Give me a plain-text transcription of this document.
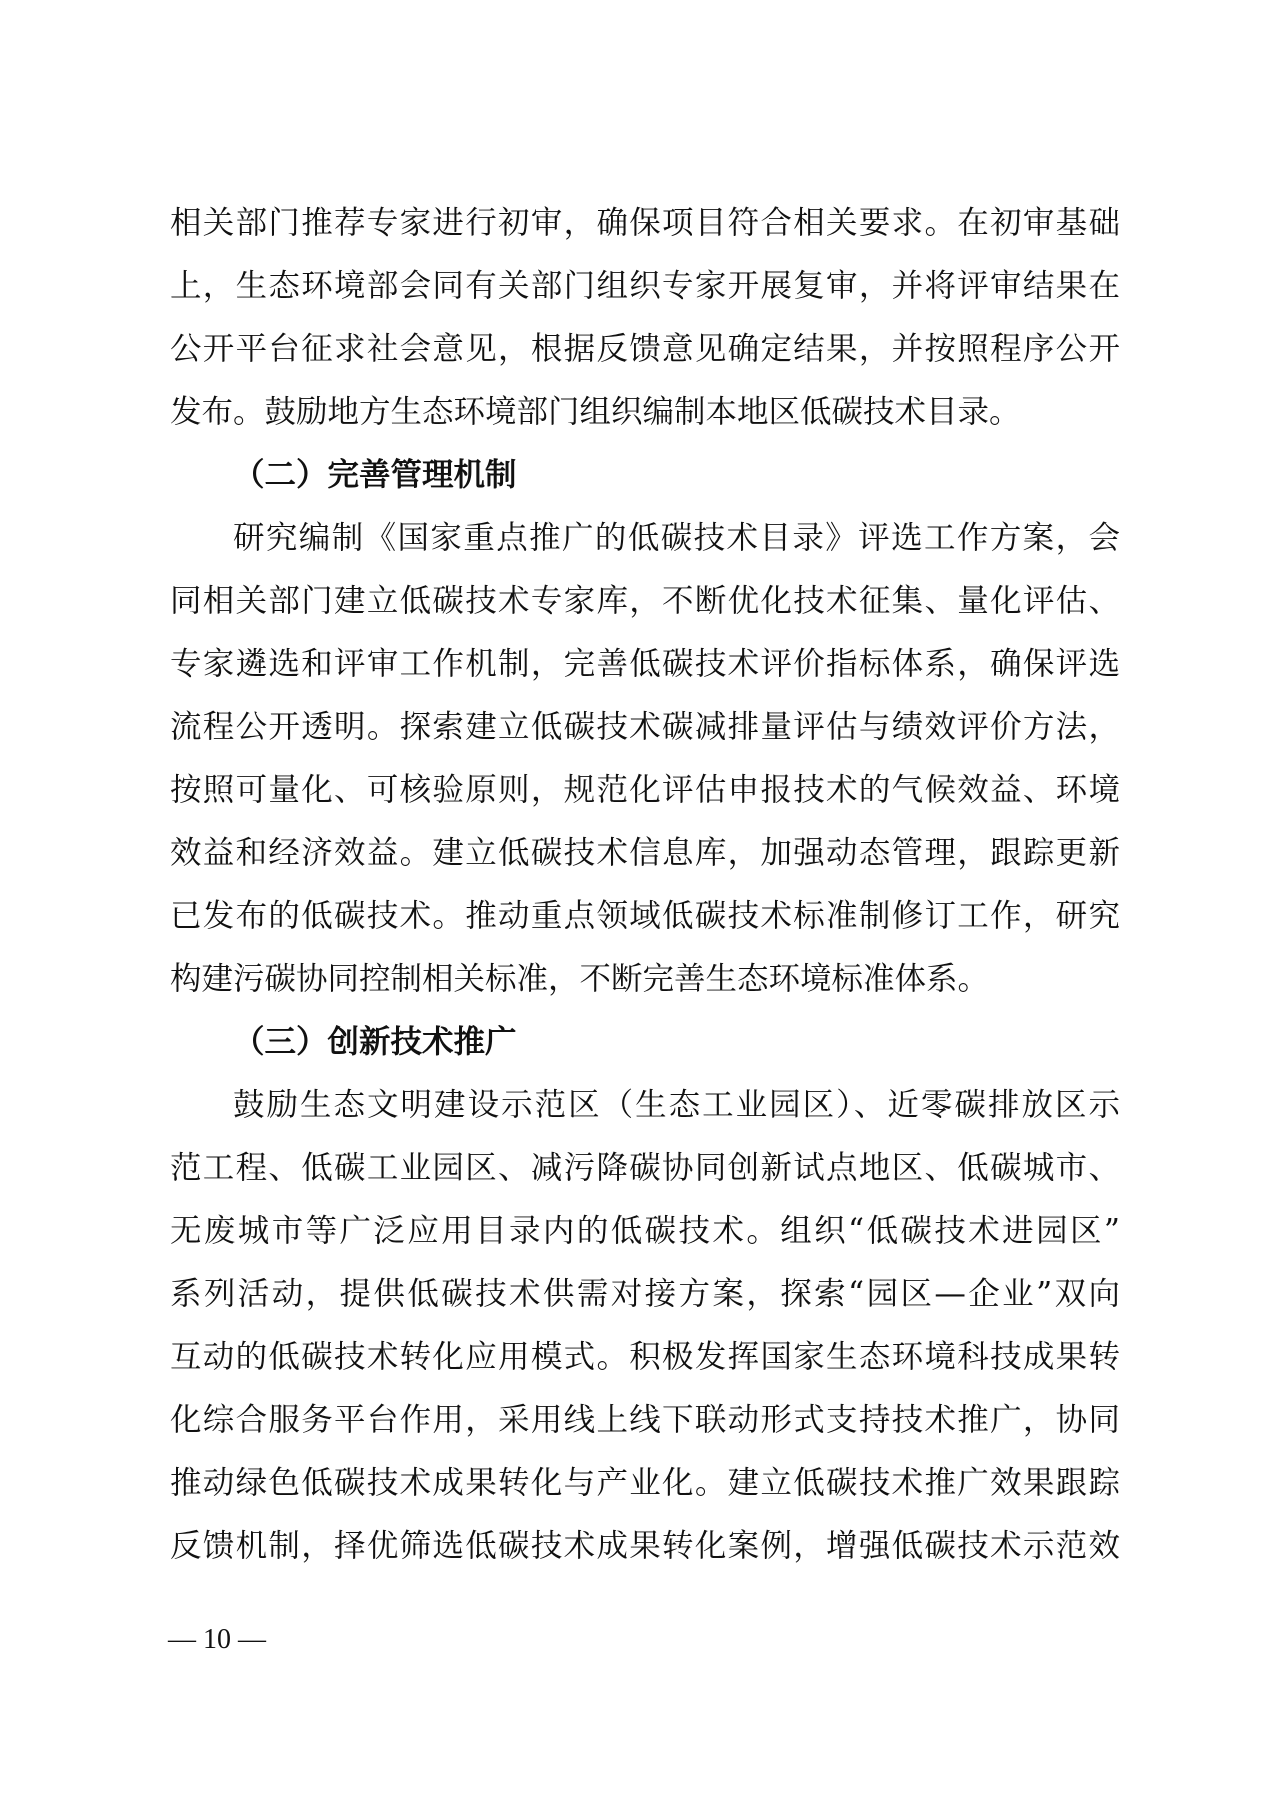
相关部门推荐专家进行初审，确保项目符合相关要求。在初审基础
上，生态环境部会同有关部门组织专家开展复审，并将评审结果在
公开平台征求社会意见，根据反馈意见确定结果，并按照程序公开
发布。鼓励地方生态环境部门组织编制本地区低碳技术目录。
（二）完善管理机制
研究编制《国家重点推广的低碳技术目录》评选工作方案，会
同相关部门建立低碳技术专家库，不断优化技术征集、量化评估、
专家遴选和评审工作机制，完善低碳技术评价指标体系，确保评选
流程公开透明。探索建立低碳技术碳减排量评估与绩效评价方法，
按照可量化、可核验原则，规范化评估申报技术的气候效益、环境
效益和经济效益。建立低碳技术信息库，加强动态管理，跟踪更新
已发布的低碳技术。推动重点领域低碳技术标准制修订工作，研究
构建污碳协同控制相关标准，不断完善生态环境标准体系。
（三）创新技术推广
鼓励生态文明建设示范区（生态工业园区）、近零碳排放区示
范工程、低碳工业园区、减污降碳协同创新试点地区、低碳城市、
无废城市等广泛应用目录内的低碳技术。组织“低碳技术进园区”
系列活动，提供低碳技术供需对接方案，探索“园区—企业”双向
互动的低碳技术转化应用模式。积极发挥国家生态环境科技成果转
化综合服务平台作用，采用线上线下联动形式支持技术推广，协同
推动绿色低碳技术成果转化与产业化。建立低碳技术推广效果跟踪
反馈机制，择优筛选低碳技术成果转化案例，增强低碳技术示范效
— 10 —
